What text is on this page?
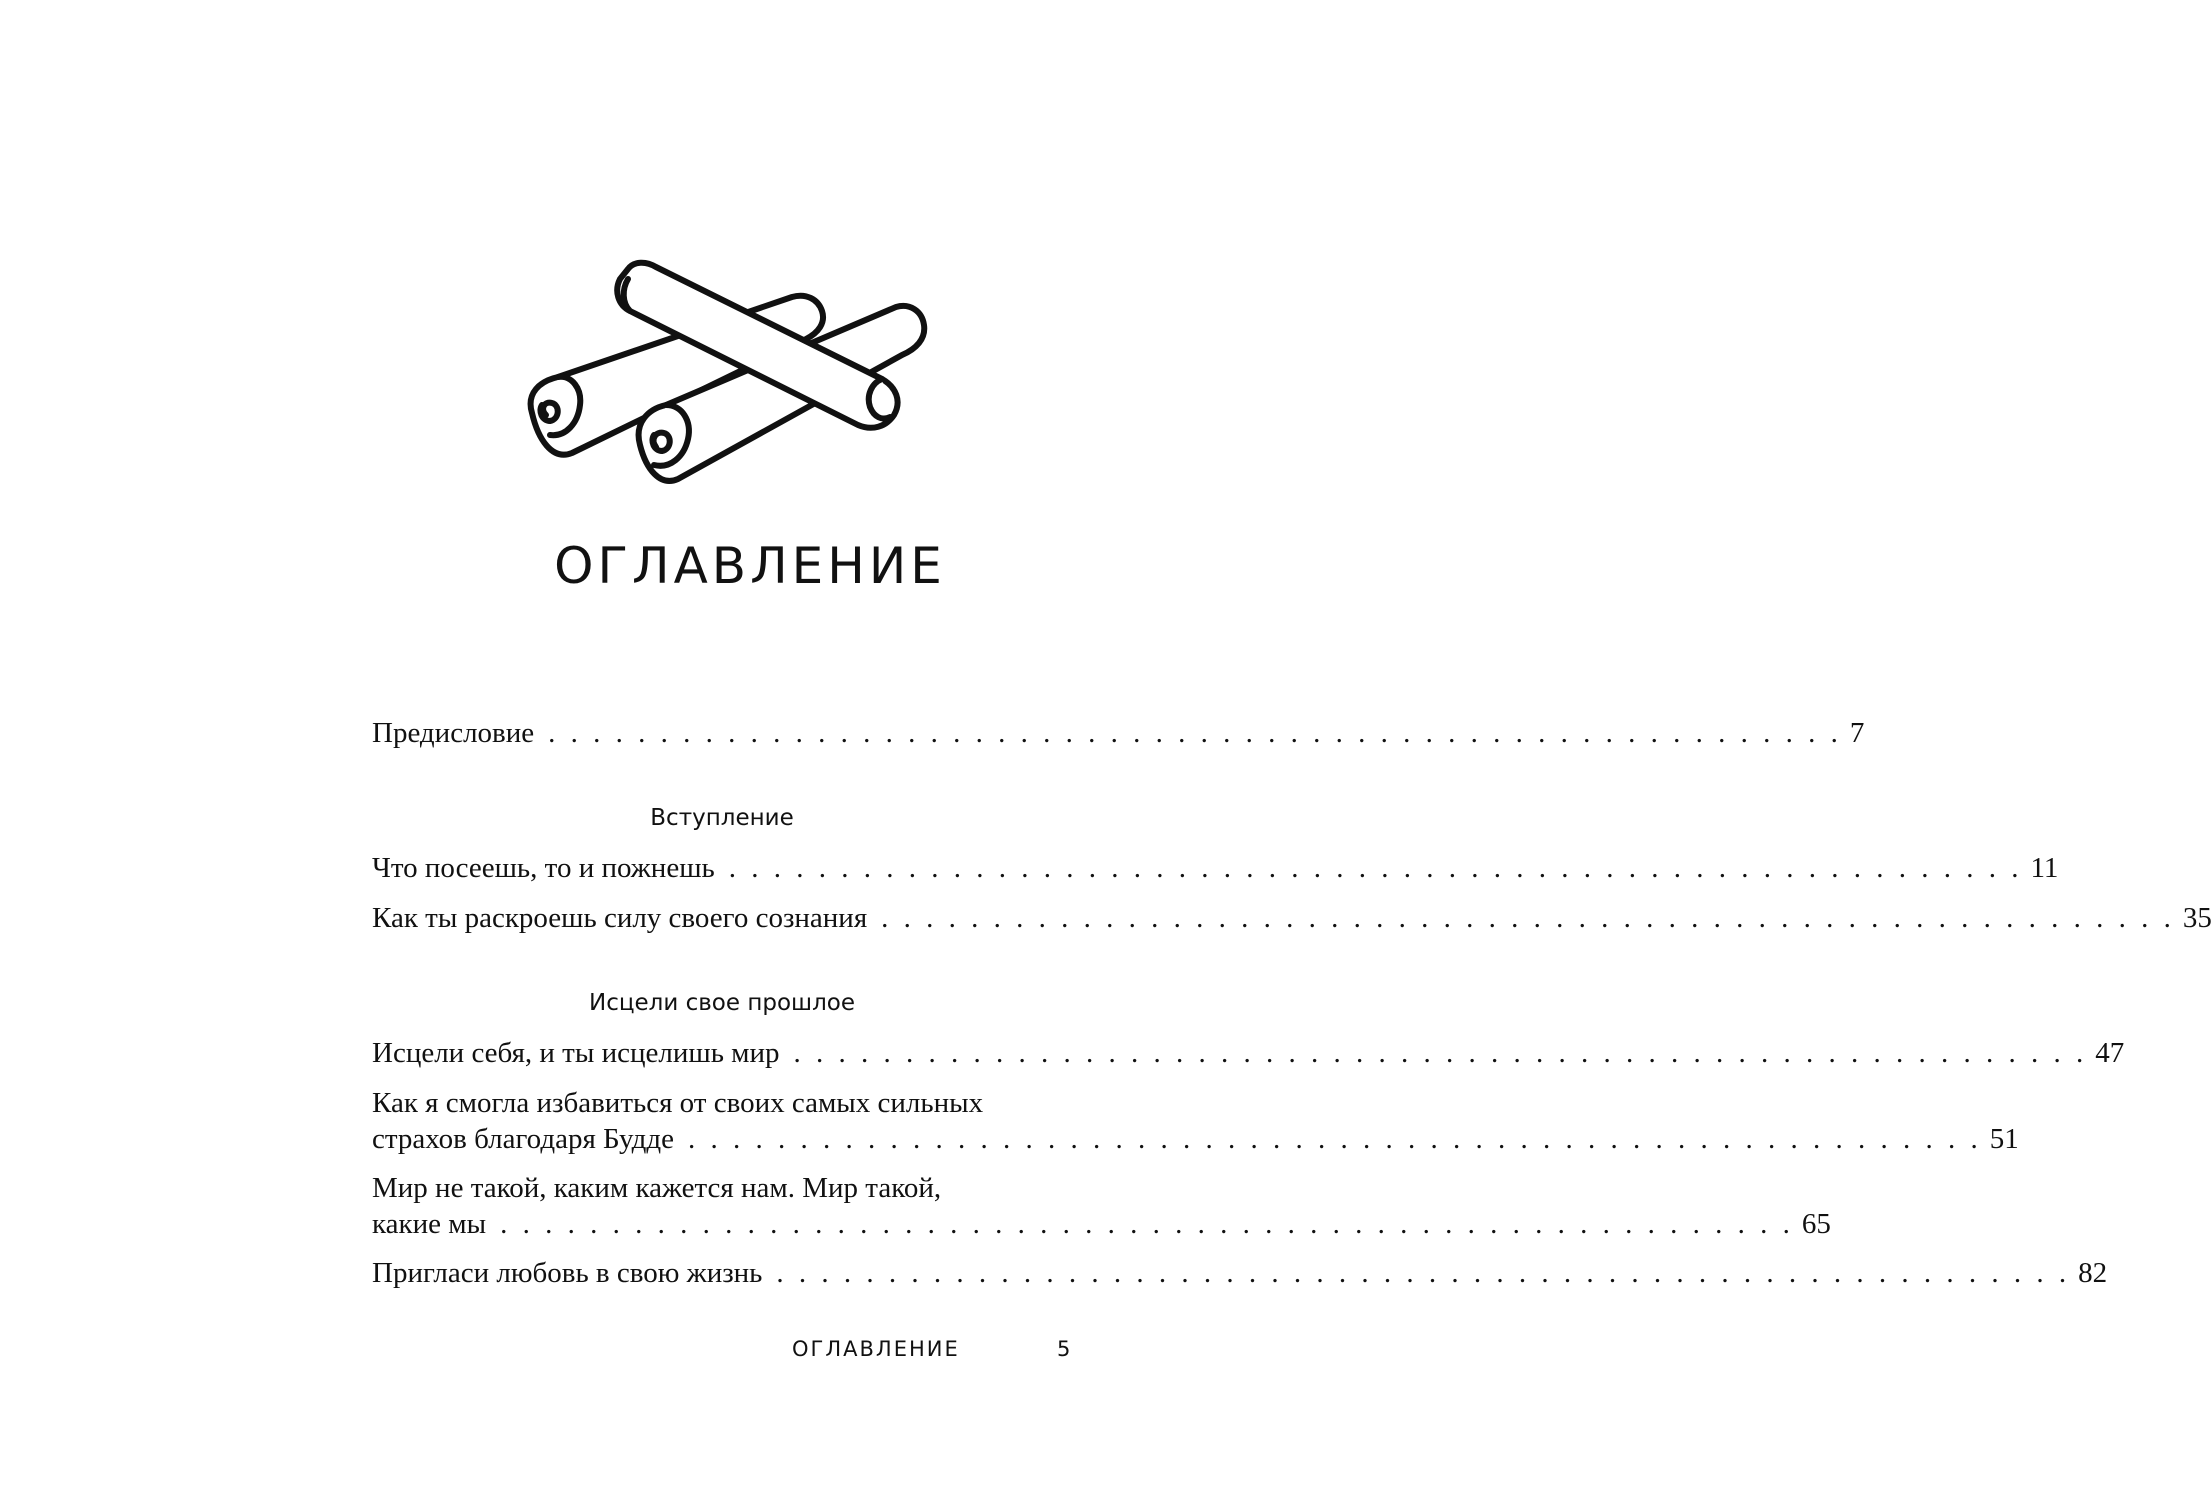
ОГЛАВЛЕНИЕ
Предисловие . . . . . . . . . . . . . . . . . . . . . . . . . . . . . . . . . . . . . . . . . . . . . . . . . . . . . . . . . . 7
Вступление
Что посеешь, то и пожнешь . . . . . . . . . . . . . . . . . . . . . . . . . . . . . . . . . . . . . . . . . . . . . . . . . . . . . . . . . . 11
Как ты раскроешь силу своего сознания . . . . . . . . . . . . . . . . . . . . . . . . . . . . . . . . . . . . . . . . . . . . . . . . . . . . . . . . . . 35
Исцели свое прошлое
Исцели себя, и ты исцелишь мир . . . . . . . . . . . . . . . . . . . . . . . . . . . . . . . . . . . . . . . . . . . . . . . . . . . . . . . . . . 47
Как я смогла избавиться от своих самых сильных
страхов благодаря Будде . . . . . . . . . . . . . . . . . . . . . . . . . . . . . . . . . . . . . . . . . . . . . . . . . . . . . . . . . . 51
Мир не такой, каким кажется нам. Мир такой,
какие мы . . . . . . . . . . . . . . . . . . . . . . . . . . . . . . . . . . . . . . . . . . . . . . . . . . . . . . . . . . 65
Пригласи любовь в свою жизнь . . . . . . . . . . . . . . . . . . . . . . . . . . . . . . . . . . . . . . . . . . . . . . . . . . . . . . . . . . 82
ОГЛАВЛЕНИЕ	5
